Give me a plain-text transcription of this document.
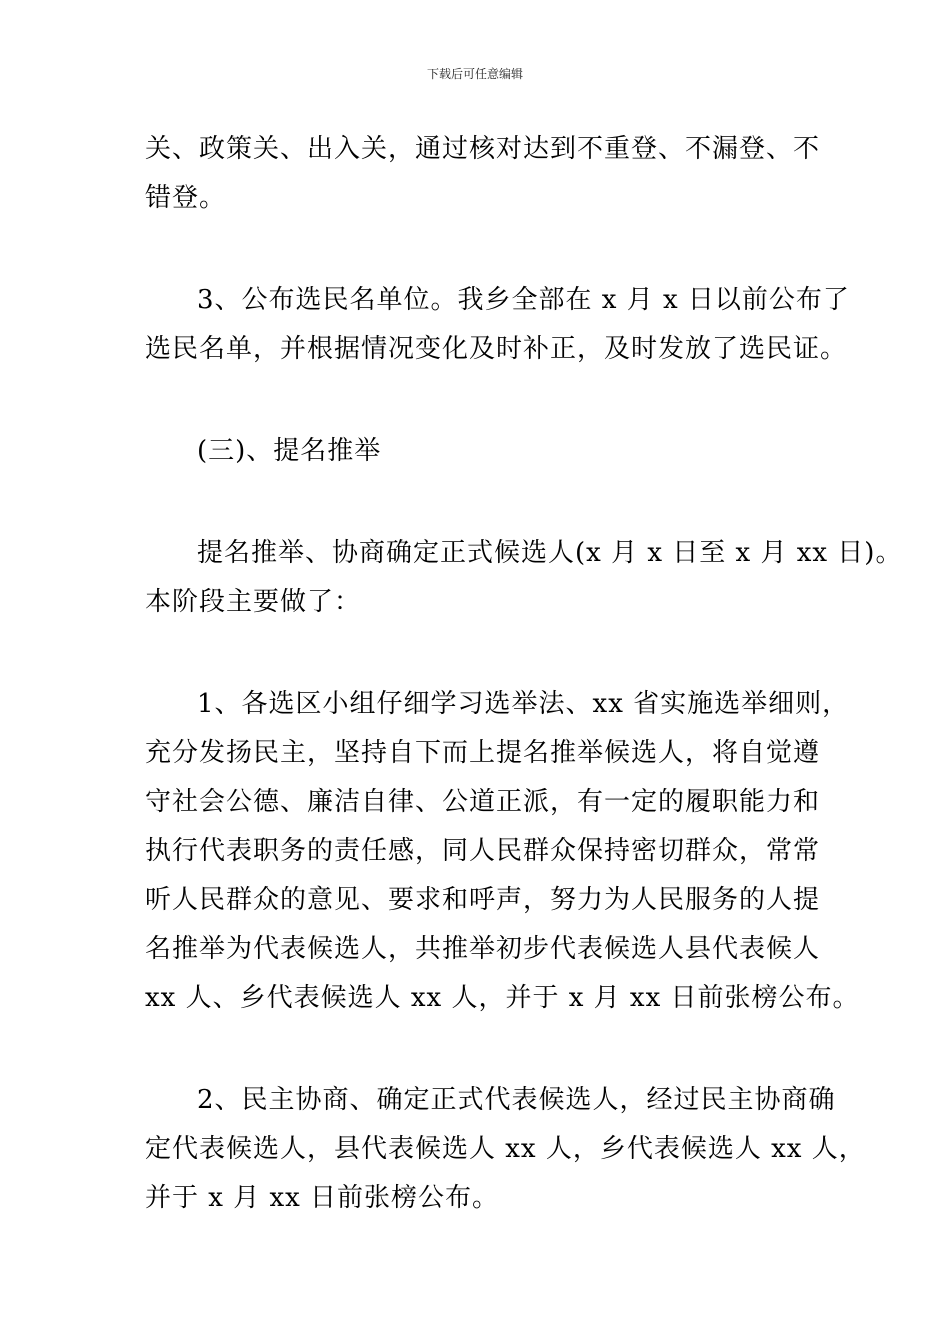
下载后可任意编辑

关、政策关、出入关，通过核对达到不重登、不漏登、不
错登。

3、公布选民名单位。我乡全部在 x 月 x 日以前公布了
选民名单，并根据情况变化及时补正，及时发放了选民证。

(三)、提名推举

提名推举、协商确定正式候选人(x 月 x 日至 x 月 xx 日)。
本阶段主要做了：

1、各选区小组仔细学习选举法、xx 省实施选举细则，
充分发扬民主，坚持自下而上提名推举候选人，将自觉遵
守社会公德、廉洁自律、公道正派，有一定的履职能力和
执行代表职务的责任感，同人民群众保持密切群众，常常
听人民群众的意见、要求和呼声，努力为人民服务的人提
名推举为代表候选人，共推举初步代表候选人县代表候人
xx 人、乡代表候选人 xx 人，并于 x 月 xx 日前张榜公布。

2、民主协商、确定正式代表候选人，经过民主协商确
定代表候选人，县代表候选人 xx 人，乡代表候选人 xx 人，
并于 x 月 xx 日前张榜公布。
